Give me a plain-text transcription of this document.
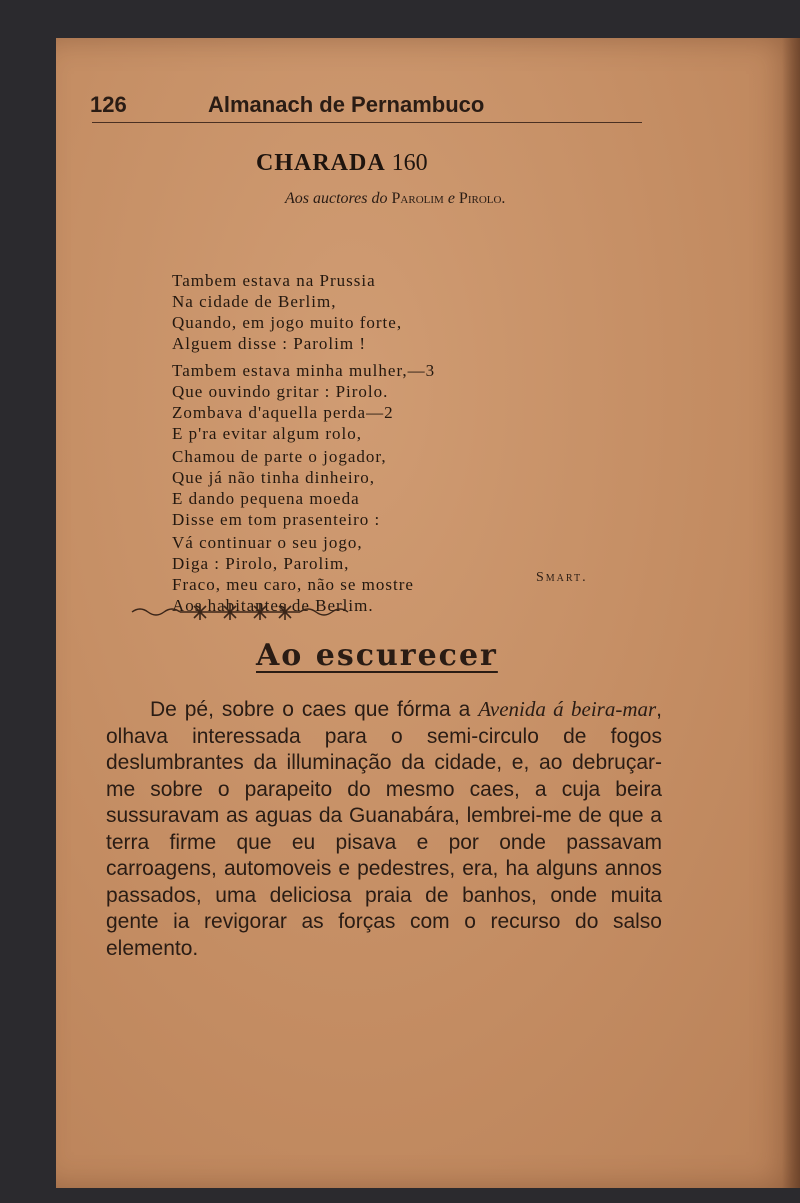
126	Almanach de Pernambuco
CHARADA 160
Aos auctores do Parolim e Pirolo.
Tambem estava na Prussia
Na cidade de Berlim,
Quando, em jogo muito forte,
Alguem disse : Parolim !
Tambem estava minha mulher,—3
Que ouvindo gritar : Pirolo.
Zombava d'aquella perda—2
E p'ra evitar algum rolo,
Chamou de parte o jogador,
Que já não tinha dinheiro,
E dando pequena moeda
Disse em tom prasenteiro :
Vá continuar o seu jogo,
Diga : Pirolo, Parolim,
Fraco, meu caro, não se mostre
Aos habitantes de Berlim.
Smart.
Ao escurecer
De pé, sobre o caes que fórma a Avenida á beira-mar, olhava interessada para o semi-circulo de fogos deslumbrantes da illuminação da cidade, e, ao debruçar-me sobre o parapeito do mesmo caes, a cuja beira sussuravam as aguas da Guanabára, lembrei-me de que a terra firme que eu pisava e por onde passavam carroagens, automoveis e pedestres, era, ha alguns annos passados, uma deliciosa praia de banhos, onde muita gente ia revigorar as forças com o recurso do salso elemento.
